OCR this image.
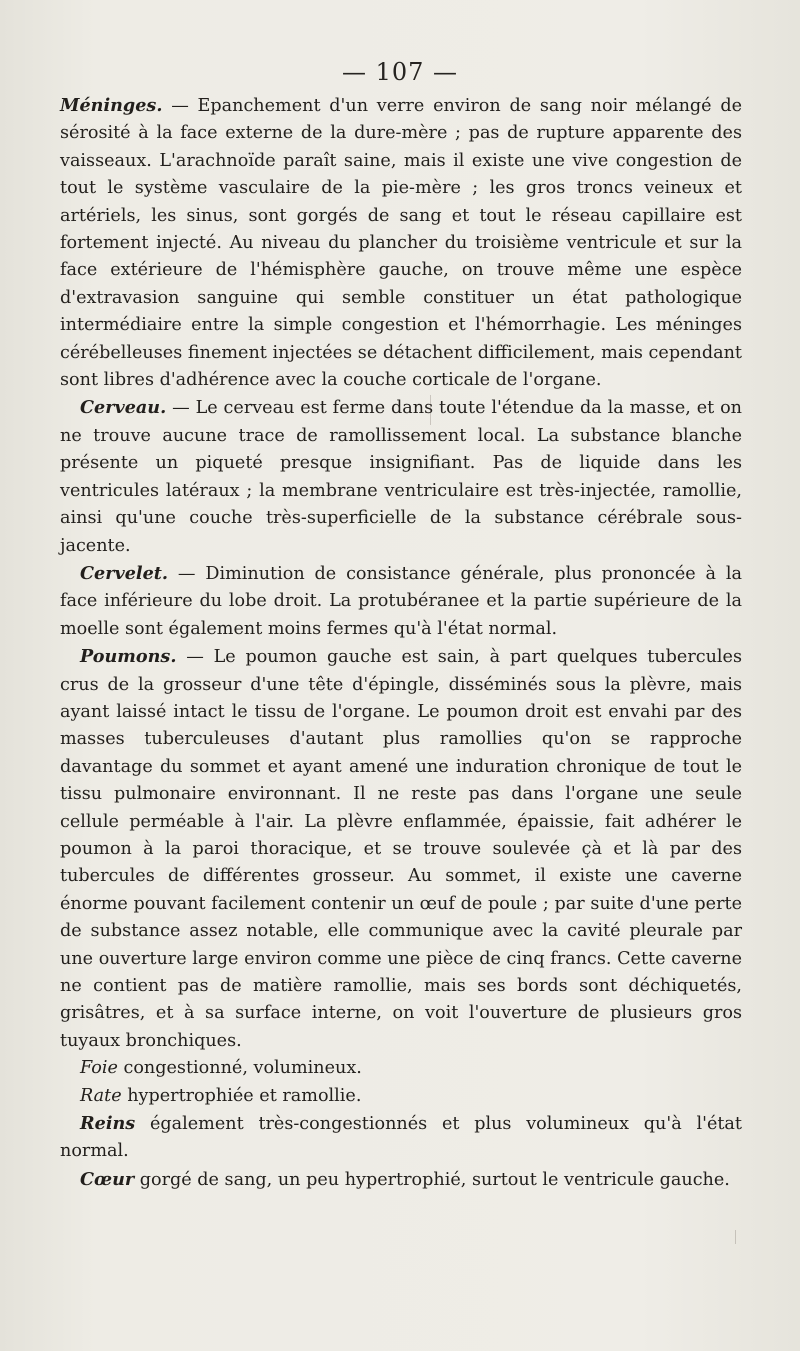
— 107 —

Méninges. — Epanchement d'un verre environ de sang noir mélangé de sérosité à la face externe de la dure-mère ; pas de rupture apparente des vaisseaux. L'arachnoïde paraît saine, mais il existe une vive congestion de tout le système vasculaire de la pie-mère ; les gros troncs veineux et artériels, les sinus, sont gorgés de sang et tout le réseau capillaire est fortement injecté. Au niveau du plancher du troisième ventricule et sur la face extérieure de l'hémisphère gauche, on trouve même une espèce d'extravasion sanguine qui semble constituer un état pathologique intermédiaire entre la simple congestion et l'hémorrhagie. Les méninges cérébelleuses finement injectées se détachent difficilement, mais cependant sont libres d'adhérence avec la couche corticale de l'organe.

Cerveau. — Le cerveau est ferme dans toute l'étendue da la masse, et on ne trouve aucune trace de ramollissement local. La substance blanche présente un piqueté presque insignifiant. Pas de liquide dans les ventricules latéraux ; la membrane ventriculaire est très-injectée, ramollie, ainsi qu'une couche très-superficielle de la substance cérébrale sous-jacente.

Cervelet. — Diminution de consistance générale, plus prononcée à la face inférieure du lobe droit. La protubéranee et la partie supérieure de la moelle sont également moins fermes qu'à l'état normal.

Poumons. — Le poumon gauche est sain, à part quelques tubercules crus de la grosseur d'une tête d'épingle, disséminés sous la plèvre, mais ayant laissé intact le tissu de l'organe. Le poumon droit est envahi par des masses tuberculeuses d'autant plus ramollies qu'on se rapproche davantage du sommet et ayant amené une induration chronique de tout le tissu pulmonaire environnant. Il ne reste pas dans l'organe une seule cellule perméable à l'air. La plèvre enflammée, épaissie, fait adhérer le poumon à la paroi thoracique, et se trouve soulevée çà et là par des tubercules de différentes grosseur. Au sommet, il existe une caverne énorme pouvant facilement contenir un œuf de poule ; par suite d'une perte de substance assez notable, elle communique avec la cavité pleurale par une ouverture large environ comme une pièce de cinq francs. Cette caverne ne contient pas de matière ramollie, mais ses bords sont déchiquetés, grisâtres, et à sa surface interne, on voit l'ouverture de plusieurs gros tuyaux bronchiques.

Foie congestionné, volumineux.

Rate hypertrophiée et ramollie.

Reins également très-congestionnés et plus volumineux qu'à l'état normal.

Cœur gorgé de sang, un peu hypertrophié, surtout le ventricule gauche.
